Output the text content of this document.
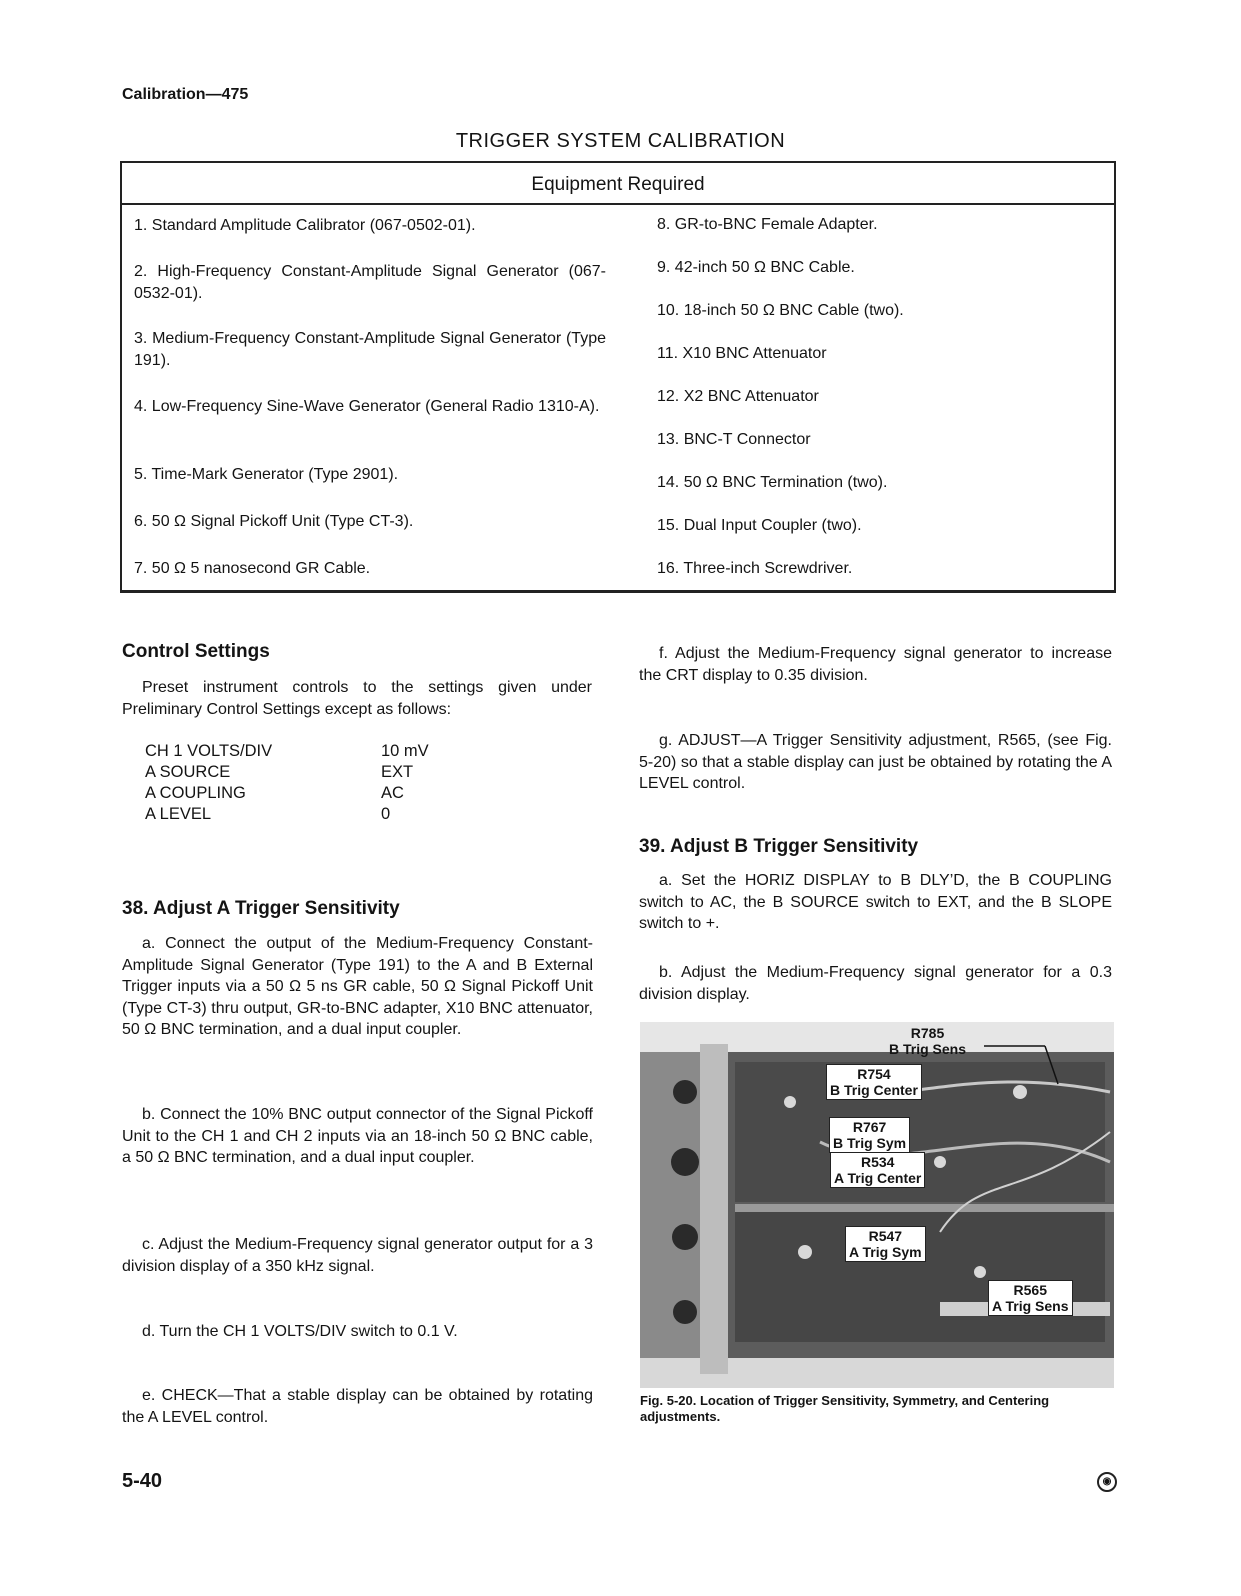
Calibration—475
TRIGGER SYSTEM CALIBRATION
Equipment Required
1. Standard Amplitude Calibrator (067-0502-01).
2. High-Frequency Constant-Amplitude Signal Generator (067-0532-01).
3. Medium-Frequency Constant-Amplitude Signal Generator (Type 191).
4. Low-Frequency Sine-Wave Generator (General Radio 1310-A).
5. Time-Mark Generator (Type 2901).
6. 50 Ω Signal Pickoff Unit (Type CT-3).
7. 50 Ω 5 nanosecond GR Cable.
8. GR-to-BNC Female Adapter.
9. 42-inch 50 Ω BNC Cable.
10. 18-inch 50 Ω BNC Cable (two).
11. X10 BNC Attenuator
12. X2 BNC Attenuator
13. BNC-T Connector
14. 50 Ω BNC Termination (two).
15. Dual Input Coupler (two).
16. Three-inch Screwdriver.
Control Settings
Preset instrument controls to the settings given under Preliminary Control Settings except as follows:
CH 1 VOLTS/DIV	10 mV
A SOURCE	EXT
A COUPLING	AC
A LEVEL	0
38. Adjust A Trigger Sensitivity
a. Connect the output of the Medium-Frequency Constant-Amplitude Signal Generator (Type 191) to the A and B External Trigger inputs via a 50 Ω 5 ns GR cable, 50 Ω Signal Pickoff Unit (Type CT-3) thru output, GR-to-BNC adapter, X10 BNC attenuator, 50 Ω BNC termination, and a dual input coupler.
b. Connect the 10% BNC output connector of the Signal Pickoff Unit to the CH 1 and CH 2 inputs via an 18-inch 50 Ω BNC cable, a 50 Ω BNC termination, and a dual input coupler.
c. Adjust the Medium-Frequency signal generator output for a 3 division display of a 350 kHz signal.
d. Turn the CH 1 VOLTS/DIV switch to 0.1 V.
e. CHECK—That a stable display can be obtained by rotating the A LEVEL control.
f. Adjust the Medium-Frequency signal generator to increase the CRT display to 0.35 division.
g. ADJUST—A Trigger Sensitivity adjustment, R565, (see Fig. 5-20) so that a stable display can just be obtained by rotating the A LEVEL control.
39. Adjust B Trigger Sensitivity
a. Set the HORIZ DISPLAY to B DLY’D, the B COUPLING switch to AC, the B SOURCE switch to EXT, and the B SLOPE switch to +.
b. Adjust the Medium-Frequency signal generator for a 0.3 division display.
R785
B Trig Sens
R754
B Trig Center
R767
B Trig Sym
R534
A Trig Center
R547
A Trig Sym
R565
A Trig Sens
Fig. 5-20. Location of Trigger Sensitivity, Symmetry, and Centering adjustments.
5-40	◉
